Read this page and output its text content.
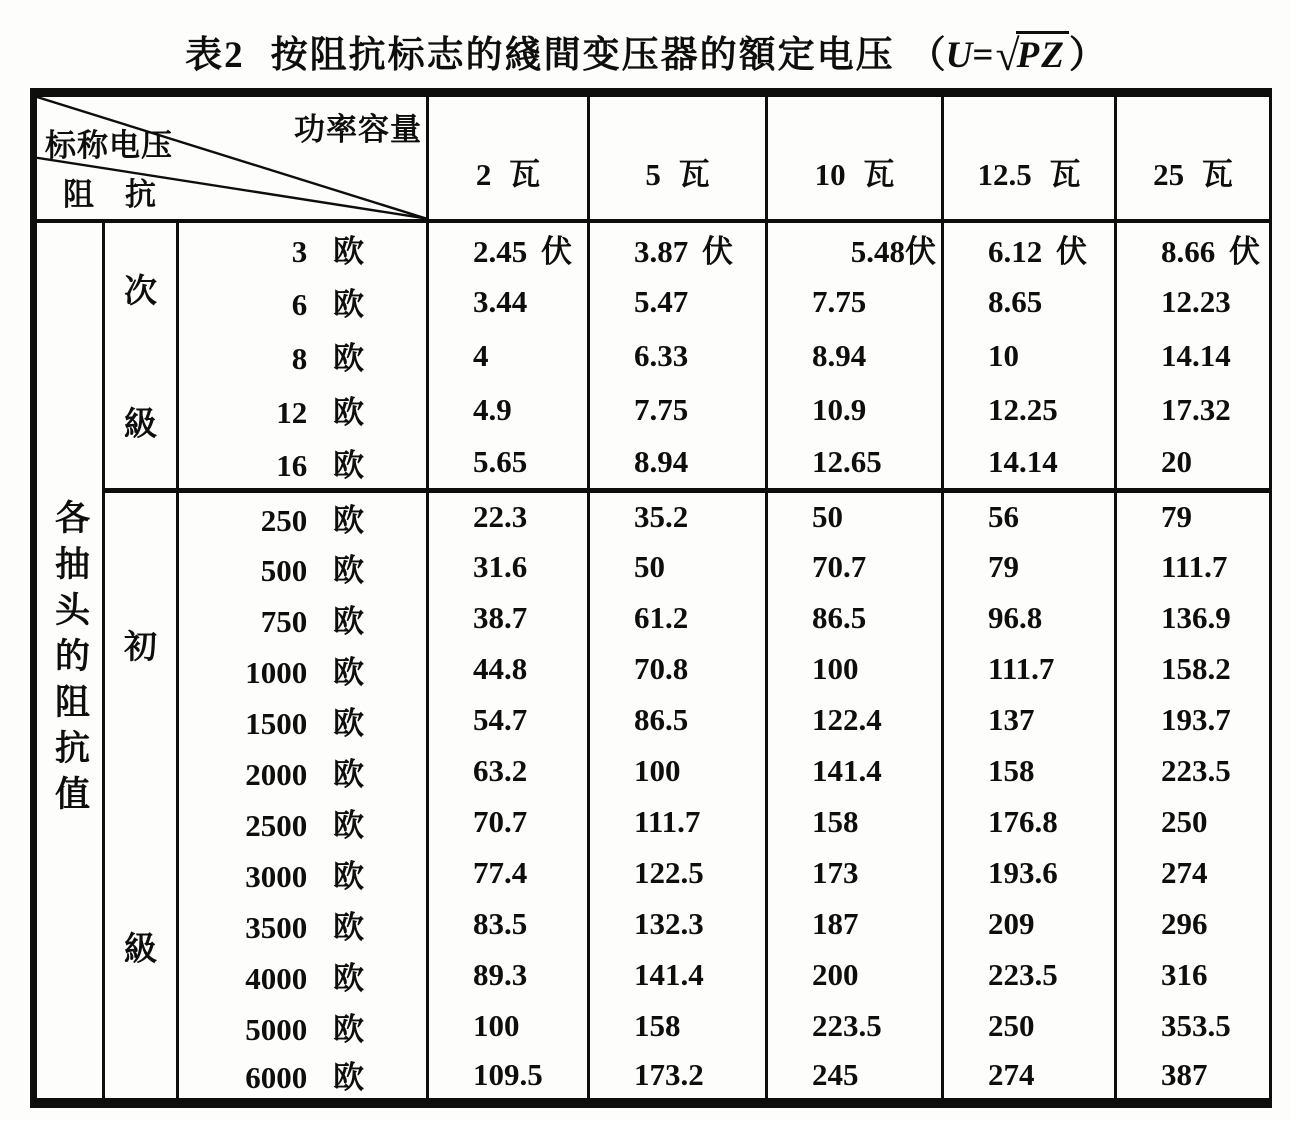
表2 按阻抗标志的綫間变压器的額定电压 （U=√PZ）
标称电压
阻　抗
功率容量			2 瓦	5 瓦	10 瓦	12.5 瓦	25 瓦

各抽头的阻抗值	次
級	3 欧	2.45 伏	3.87 伏	5.48伏	6.12 伏	8.66 伏
		6 欧	3.44	5.47	7.75	8.65	12.23
		8 欧	4	6.33	8.94	10	14.14
		12 欧	4.9	7.75	10.9	12.25	17.32
		16 欧	5.65	8.94	12.65	14.14	20

	初
級	250 欧	22.3	35.2	50	56	79
		500 欧	31.6	50	70.7	79	111.7
		750 欧	38.7	61.2	86.5	96.8	136.9
		1000 欧	44.8	70.8	100	111.7	158.2
		1500 欧	54.7	86.5	122.4	137	193.7
		2000 欧	63.2	100	141.4	158	223.5
		2500 欧	70.7	111.7	158	176.8	250
		3000 欧	77.4	122.5	173	193.6	274
		3500 欧	83.5	132.3	187	209	296
		4000 欧	89.3	141.4	200	223.5	316
		5000 欧	100	158	223.5	250	353.5
		6000 欧	109.5	173.2	245	274	387
